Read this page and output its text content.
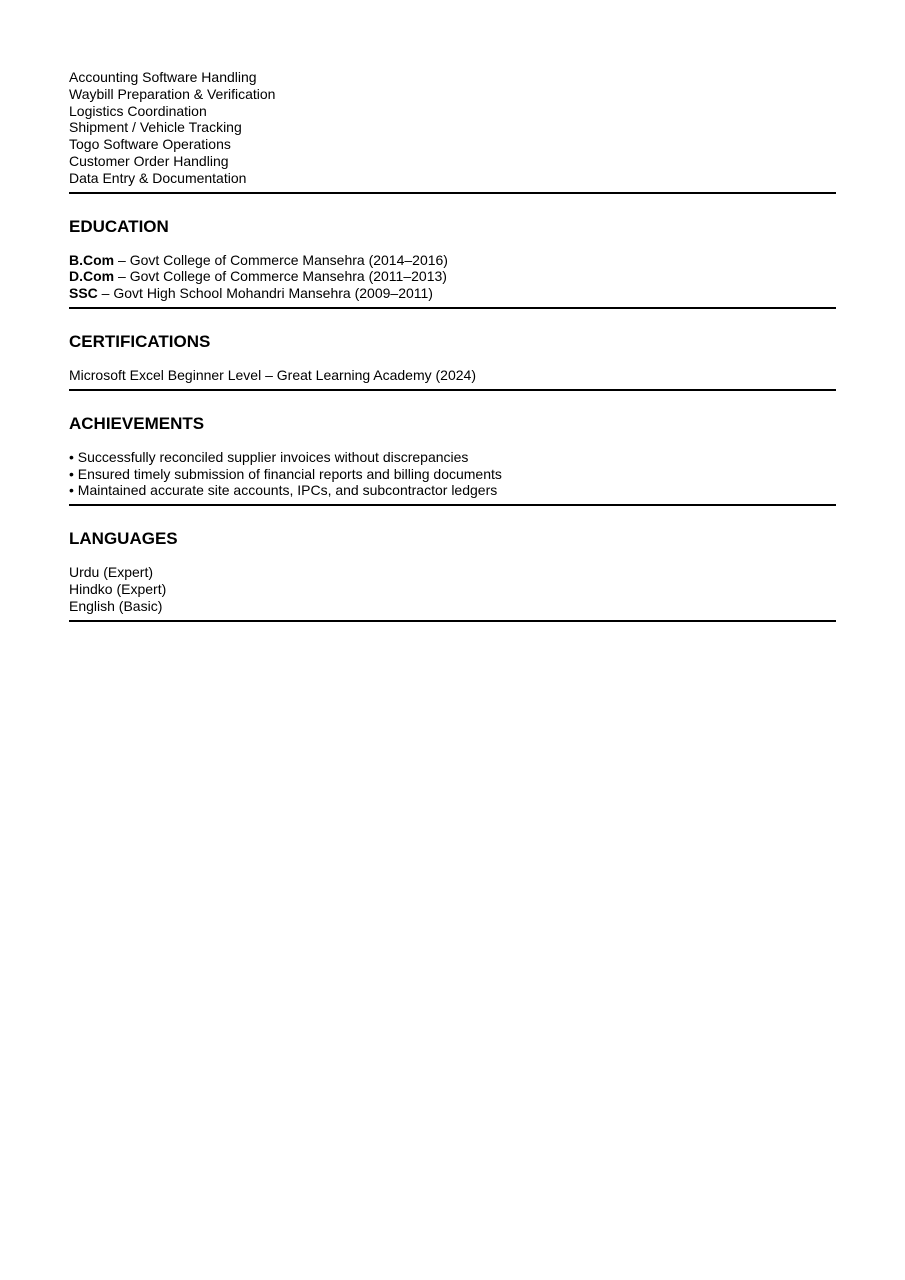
Accounting Software Handling
Waybill Preparation & Verification
Logistics Coordination
Shipment / Vehicle Tracking
Togo Software Operations
Customer Order Handling
Data Entry & Documentation
EDUCATION
B.Com – Govt College of Commerce Mansehra (2014–2016)
D.Com – Govt College of Commerce Mansehra (2011–2013)
SSC – Govt High School Mohandri Mansehra (2009–2011)
CERTIFICATIONS
Microsoft Excel Beginner Level – Great Learning Academy (2024)
ACHIEVEMENTS
• Successfully reconciled supplier invoices without discrepancies
• Ensured timely submission of financial reports and billing documents
• Maintained accurate site accounts, IPCs, and subcontractor ledgers
LANGUAGES
Urdu (Expert)
Hindko (Expert)
English (Basic)
